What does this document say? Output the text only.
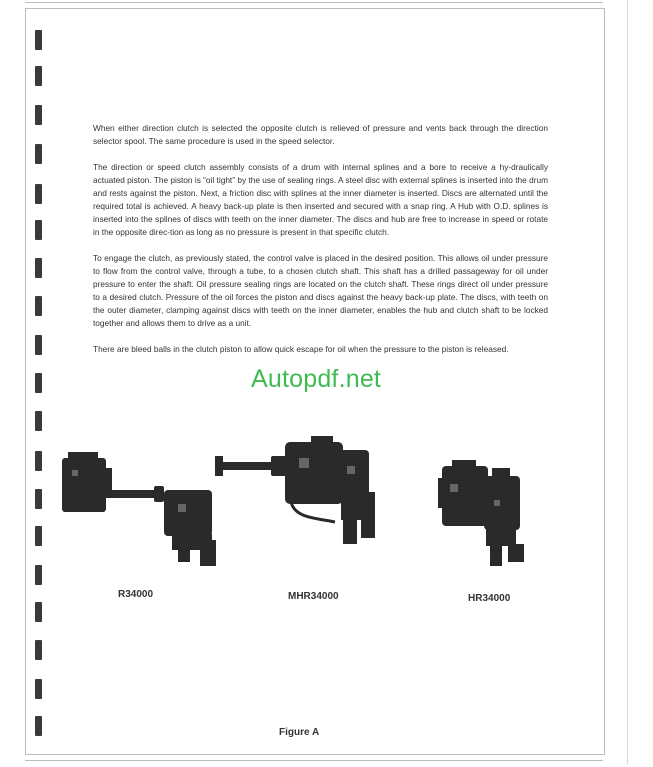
When either direction clutch is selected the opposite clutch is relieved of pressure and vents back through the direction selector spool. The same procedure is used in the speed selector.

The direction or speed clutch assembly consists of a drum with internal splines and a bore to receive a hy-draulically actuated piston. The piston is “oil tight” by the use of sealing rings. A steel disc with external splines is inserted into the drum and rests against the piston. Next, a friction disc with splines at the inner diameter is inserted. Discs are alternated until the required total is achieved. A heavy back-up plate is then inserted and secured with a snap ring. A Hub with O.D. splines is inserted into the splines of discs with teeth on the inner diameter. The discs and hub are free to increase in speed or rotate in the opposite direc-tion as long as no pressure is present in that specific clutch.

To engage the clutch, as previously stated, the control valve is placed in the desired position. This allows oil under pressure to flow from the control valve, through a tube, to a chosen clutch shaft. This shaft has a drilled passageway for oil under pressure to enter the shaft. Oil pressure sealing rings are located on the clutch shaft. These rings direct oil under pressure to a desired clutch. Pressure of the oil forces the piston and discs against the heavy back-up plate. The discs, with teeth on the outer diameter, clamping against discs with teeth on the inner diameter, enables the hub and clutch shaft to be locked together and allows them to drive as a unit.

There are bleed balls in the clutch piston to allow quick escape for oil when the pressure to the piston is released.

Autopdf.net
R34000	MHR34000	HR34000
Figure A
